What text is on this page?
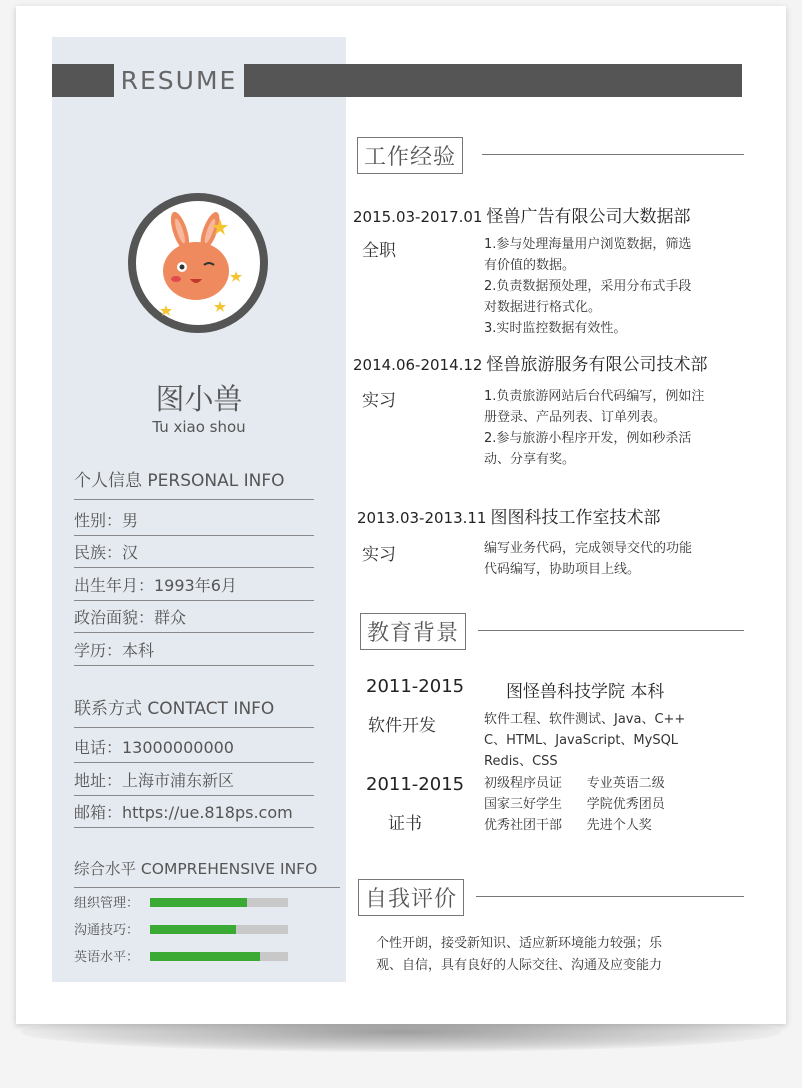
RESUME
图小兽
Tu xiao shou
个人信息 PERSONAL INFO
性别：男
民族：汉
出生年月：1993年6月
政治面貌：群众
学历：本科
联系方式 CONTACT INFO
电话：13000000000
地址：上海市浦东新区
邮箱：https://ue.818ps.com
综合水平 COMPREHENSIVE INFO
组织管理：
沟通技巧：
英语水平：
工作经验
2015.03-2017.01 怪兽广告有限公司大数据部
全职	1.参与处理海量用户浏览数据，筛选
有价值的数据。
2.负责数据预处理，采用分布式手段
对数据进行格式化。
3.实时监控数据有效性。
2014.06-2014.12 怪兽旅游服务有限公司技术部
实习	1.负责旅游网站后台代码编写，例如注
册登录、产品列表、订单列表。
2.参与旅游小程序开发，例如秒杀活
动、分享有奖。
2013.03-2013.11 图图科技工作室技术部
实习	编写业务代码，完成领导交代的功能
代码编写，协助项目上线。
教育背景
2011-2015 图怪兽科技学院 本科
软件开发	软件工程、软件测试、Java、C++
C、HTML、JavaScript、MySQL
Redis、CSS
2011-2015
证书
初级程序员证      专业英语二级
国家三好学生      学院优秀团员
优秀社团干部      先进个人奖
自我评价
个性开朗，接受新知识、适应新环境能力较强；乐
观、自信，具有良好的人际交往、沟通及应变能力
